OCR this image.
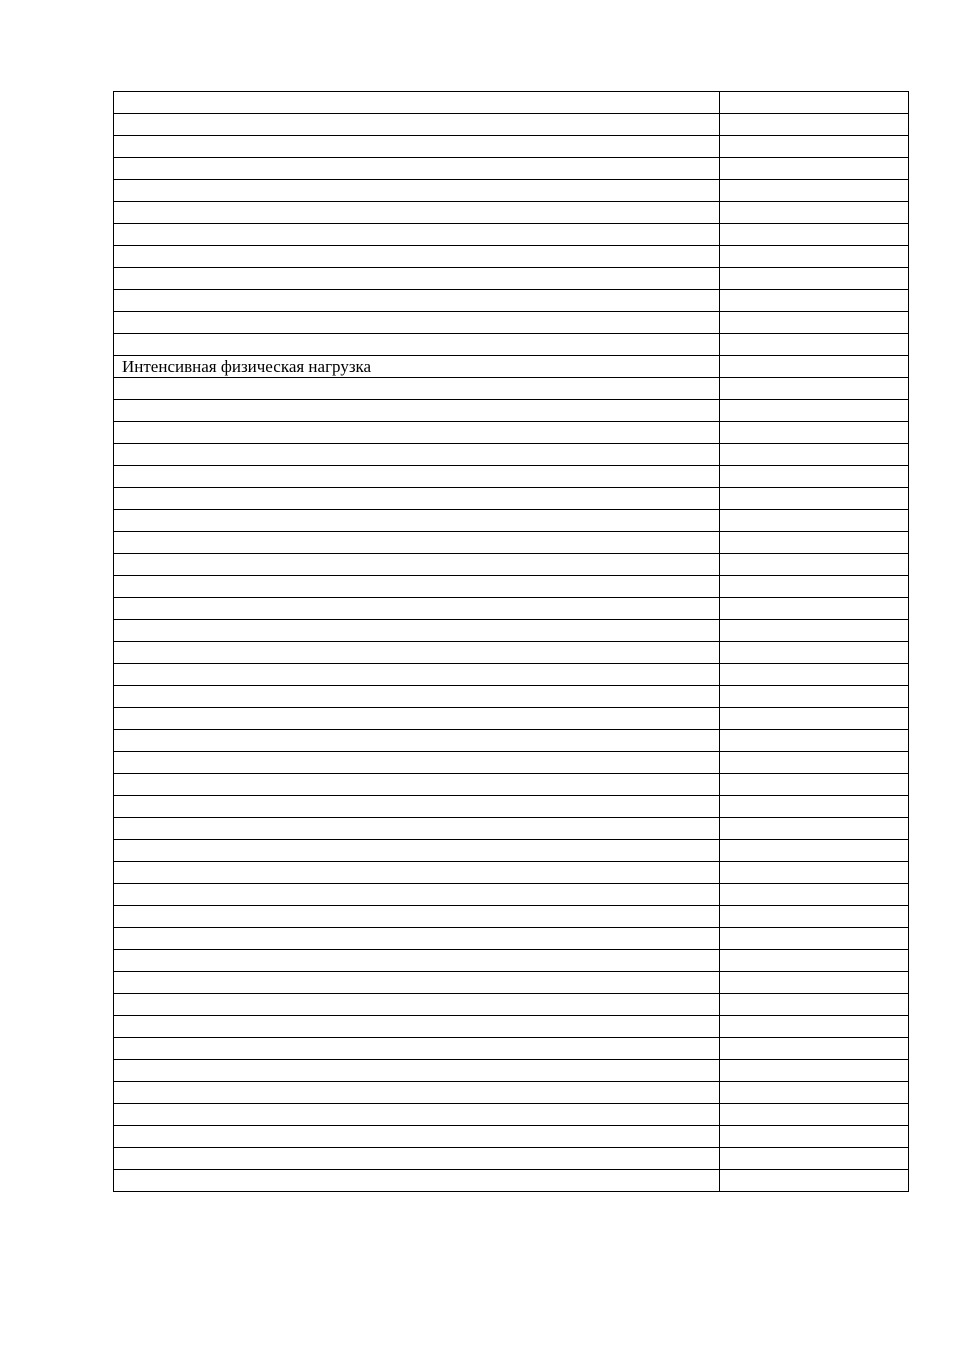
Интенсивная физическая нагрузка	
